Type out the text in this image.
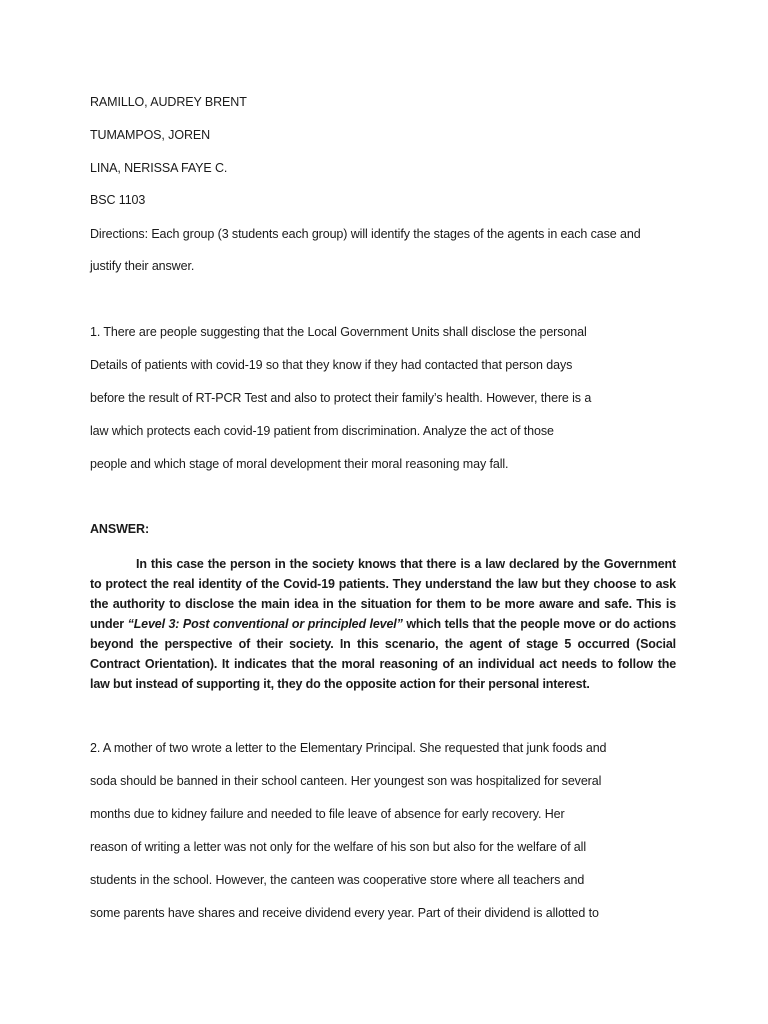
RAMILLO, AUDREY BRENT
TUMAMPOS, JOREN
LINA, NERISSA FAYE C.
BSC 1103
Directions: Each group (3 students each group) will identify the stages of the agents in each case and
justify their answer.
1. There are people suggesting that the Local Government Units shall disclose the personal
Details of patients with covid-19 so that they know if they had contacted that person days
before the result of RT-PCR Test and also to protect their family’s health. However, there is a
law which protects each covid-19 patient from discrimination. Analyze the act of those
people and which stage of moral development their moral reasoning may fall.
ANSWER:
In this case the person in the society knows that there is a law declared by the Government to protect the real identity of the Covid-19 patients. They understand the law but they choose to ask the authority to disclose the main idea in the situation for them to be more aware and safe. This is under “Level 3: Post conventional or principled level” which tells that the people move or do actions beyond the perspective of their society. In this scenario, the agent of stage 5 occurred (Social Contract Orientation). It indicates that the moral reasoning of an individual act needs to follow the law but instead of supporting it, they do the opposite action for their personal interest.
2. A mother of two wrote a letter to the Elementary Principal. She requested that junk foods and
soda should be banned in their school canteen. Her youngest son was hospitalized for several
months due to kidney failure and needed to file leave of absence for early recovery. Her
reason of writing a letter was not only for the welfare of his son but also for the welfare of all
students in the school. However, the canteen was cooperative store where all teachers and
some parents have shares and receive dividend every year. Part of their dividend is allotted to
